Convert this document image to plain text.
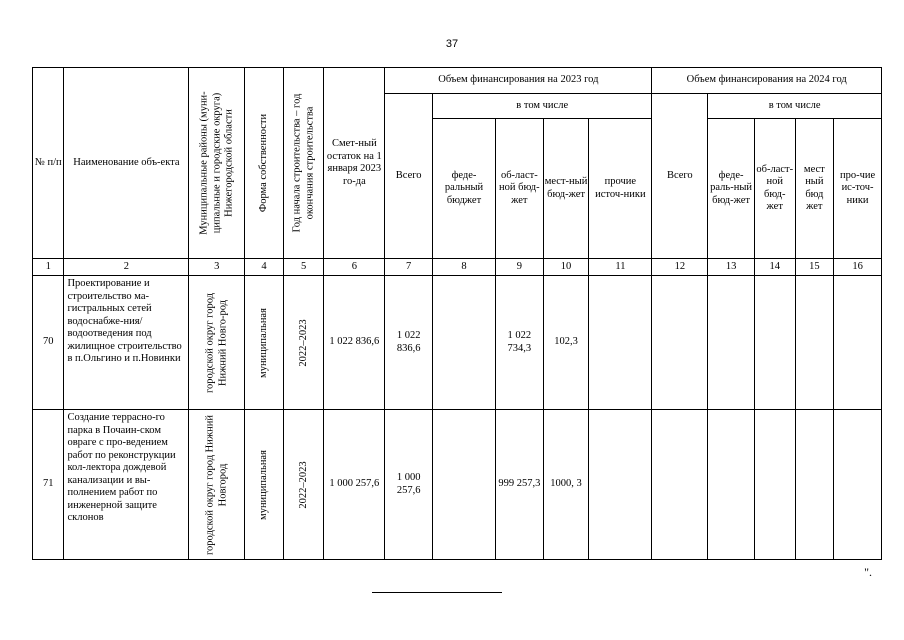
37
№ п/п	Наименование объ-екта	Муниципальные районы (муни-ципальные и городские округа) Нижегородской области	Форма собственности	Год начала строительства – год окончания строительства	Смет-ный остаток на 1 января 2023 го-да	Объем финансирования на 2023 год					Объем финансирования на 2024 год				
						Всего	в том числе				Всего	в том числе			
							феде-ральный бюджет	об-ласт-ной бюд-жет	мест-ный бюд-жет	прочие источ-ники		феде-раль-ный бюд-жет	об-ласт-ной бюд-жет	мест ный бюд жет	про-чие ис-точ-ники

1	2	3	4	5	6	7	8	9	10	11	12	13	14	15	16
70	Проектирование и строительство ма-гистральных сетей водоснабже-ния/водоотведения под жилищное строительство в п.Ольгино и п.Новинки	городской округ город Нижний Новго-род	муниципальная	2022–2023	1 022 836,6	1 022 836,6		1 022 734,3	102,3						
71	Создание террасно-го парка в Почаин-ском овраге с про-ведением работ по реконструкции кол-лектора дождевой канализации и вы-полнением работ по инженерной защите склонов	городской округ город Нижний Новгород	муниципальная	2022–2023	1 000 257,6	1 000 257,6		999 257,3	1000, 3						
".
